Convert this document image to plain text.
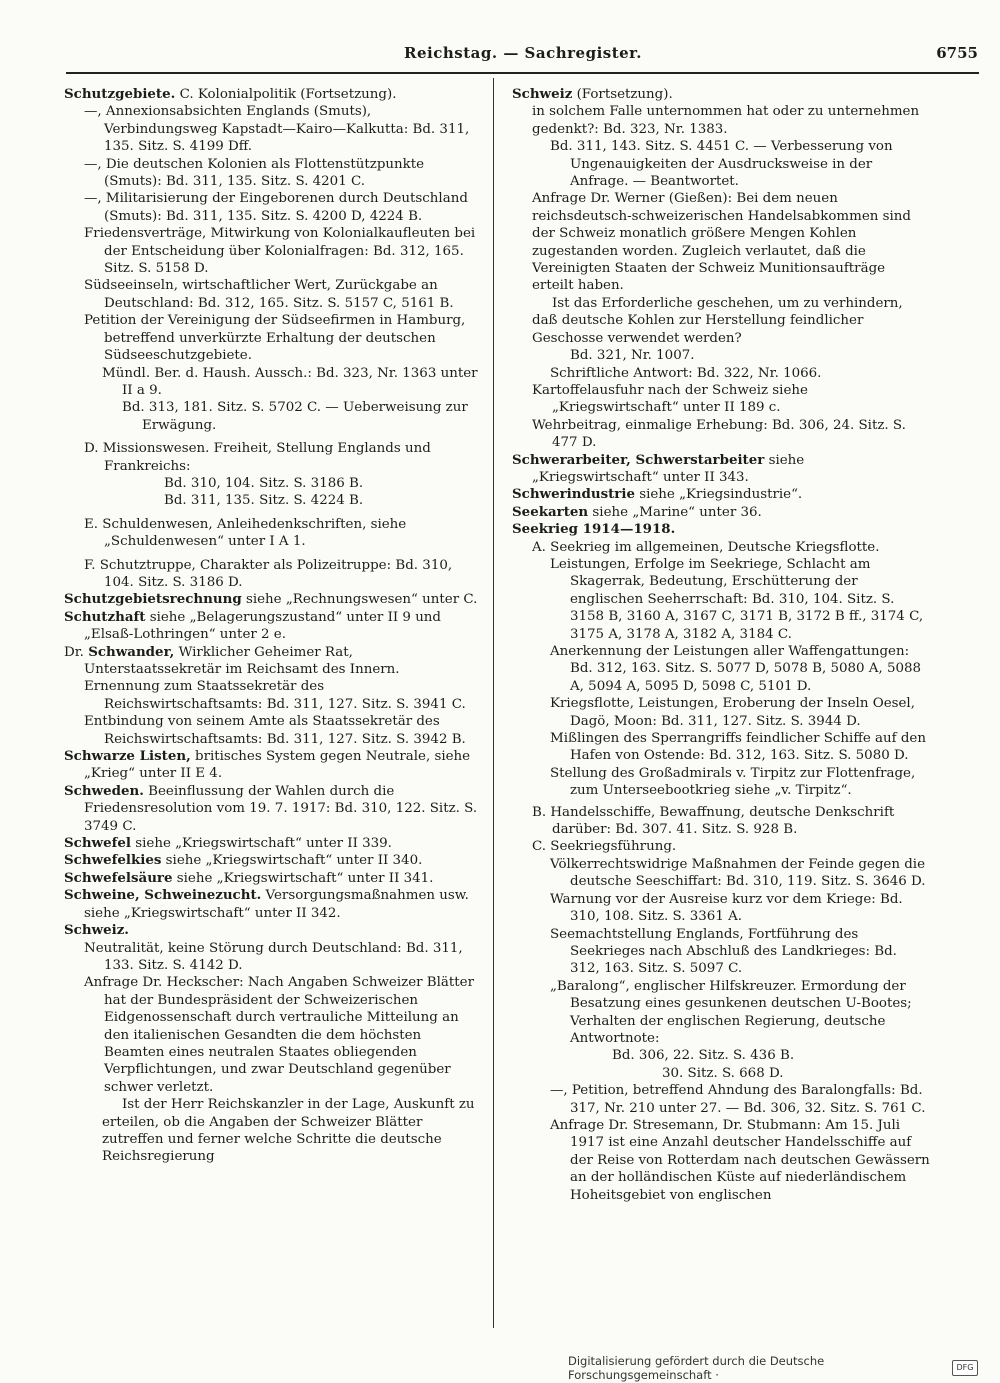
Reichstag. — Sachregister.	6755

Schutzgebiete. C. Kolonialpolitik (Fortsetzung).

—, Annexionsabsichten Englands (Smuts), Verbindungsweg Kapstadt—Kairo—Kalkutta: Bd. 311, 135. Sitz. S. 4199 Dff.

—, Die deutschen Kolonien als Flottenstützpunkte (Smuts): Bd. 311, 135. Sitz. S. 4201 C.

—, Militarisierung der Eingeborenen durch Deutschland (Smuts): Bd. 311, 135. Sitz. S. 4200 D, 4224 B.

Friedensverträge, Mitwirkung von Kolonialkaufleuten bei der Entscheidung über Kolonialfragen: Bd. 312, 165. Sitz. S. 5158 D.

Südseeinseln, wirtschaftlicher Wert, Zurückgabe an Deutschland: Bd. 312, 165. Sitz. S. 5157 C, 5161 B.

Petition der Vereinigung der Südseefirmen in Hamburg, betreffend unverkürzte Erhaltung der deutschen Südseeschutzgebiete.

Mündl. Ber. d. Haush. Aussch.: Bd. 323, Nr. 1363 unter II a 9.

Bd. 313, 181. Sitz. S. 5702 C. — Ueberweisung zur Erwägung.

D. Missionswesen. Freiheit, Stellung Englands und Frankreichs:

Bd. 310, 104. Sitz. S. 3186 B.

Bd. 311, 135. Sitz. S. 4224 B.

E. Schuldenwesen, Anleihedenkschriften, siehe „Schuldenwesen“ unter I A 1.

F. Schutztruppe, Charakter als Polizeitruppe: Bd. 310, 104. Sitz. S. 3186 D.

Schutzgebietsrechnung siehe „Rechnungswesen“ unter C.

Schutzhaft siehe „Belagerungszustand“ unter II 9 und „Elsaß-Lothringen“ unter 2 e.

Dr. Schwander, Wirklicher Geheimer Rat, Unterstaatssekretär im Reichsamt des Innern.

Ernennung zum Staatssekretär des Reichswirtschaftsamts: Bd. 311, 127. Sitz. S. 3941 C.

Entbindung von seinem Amte als Staatssekretär des Reichswirtschaftsamts: Bd. 311, 127. Sitz. S. 3942 B.

Schwarze Listen, britisches System gegen Neutrale, siehe „Krieg“ unter II E 4.

Schweden. Beeinflussung der Wahlen durch die Friedensresolution vom 19. 7. 1917: Bd. 310, 122. Sitz. S. 3749 C.

Schwefel siehe „Kriegswirtschaft“ unter II 339.

Schwefelkies siehe „Kriegswirtschaft“ unter II 340.

Schwefelsäure siehe „Kriegswirtschaft“ unter II 341.

Schweine, Schweinezucht. Versorgungsmaßnahmen usw. siehe „Kriegswirtschaft“ unter II 342.

Schweiz.

Neutralität, keine Störung durch Deutschland: Bd. 311, 133. Sitz. S. 4142 D.

Anfrage Dr. Heckscher: Nach Angaben Schweizer Blätter hat der Bundespräsident der Schweizerischen Eidgenossenschaft durch vertrauliche Mitteilung an den italienischen Gesandten die dem höchsten Beamten eines neutralen Staates obliegenden Verpflichtungen, und zwar Deutschland gegenüber schwer verletzt.

Ist der Herr Reichskanzler in der Lage, Auskunft zu erteilen, ob die Angaben der Schweizer Blätter zutreffen und ferner welche Schritte die deutsche Reichsregierung

Schweiz (Fortsetzung).

in solchem Falle unternommen hat oder zu unternehmen gedenkt?: Bd. 323, Nr. 1383.

Bd. 311, 143. Sitz. S. 4451 C. — Verbesserung von Ungenauigkeiten der Ausdrucksweise in der Anfrage. — Beantwortet.

Anfrage Dr. Werner (Gießen): Bei dem neuen reichsdeutsch-schweizerischen Handelsabkommen sind der Schweiz monatlich größere Mengen Kohlen zugestanden worden. Zugleich verlautet, daß die Vereinigten Staaten der Schweiz Munitionsaufträge erteilt haben.

Ist das Erforderliche geschehen, um zu verhindern, daß deutsche Kohlen zur Herstellung feindlicher Geschosse verwendet werden?

Bd. 321, Nr. 1007.

Schriftliche Antwort: Bd. 322, Nr. 1066.

Kartoffelausfuhr nach der Schweiz siehe „Kriegswirtschaft“ unter II 189 c.

Wehrbeitrag, einmalige Erhebung: Bd. 306, 24. Sitz. S. 477 D.

Schwerarbeiter, Schwerstarbeiter siehe „Kriegswirtschaft“ unter II 343.

Schwerindustrie siehe „Kriegsindustrie“.

Seekarten siehe „Marine“ unter 36.

Seekrieg 1914—1918.

A. Seekrieg im allgemeinen, Deutsche Kriegsflotte.

Leistungen, Erfolge im Seekriege, Schlacht am Skagerrak, Bedeutung, Erschütterung der englischen Seeherrschaft: Bd. 310, 104. Sitz. S. 3158 B, 3160 A, 3167 C, 3171 B, 3172 B ff., 3174 C, 3175 A, 3178 A, 3182 A, 3184 C.

Anerkennung der Leistungen aller Waffengattungen: Bd. 312, 163. Sitz. S. 5077 D, 5078 B, 5080 A, 5088 A, 5094 A, 5095 D, 5098 C, 5101 D.

Kriegsflotte, Leistungen, Eroberung der Inseln Oesel, Dagö, Moon: Bd. 311, 127. Sitz. S. 3944 D.

Mißlingen des Sperrangriffs feindlicher Schiffe auf den Hafen von Ostende: Bd. 312, 163. Sitz. S. 5080 D.

Stellung des Großadmirals v. Tirpitz zur Flottenfrage, zum Unterseebootkrieg siehe „v. Tirpitz“.

B. Handelsschiffe, Bewaffnung, deutsche Denkschrift darüber: Bd. 307. 41. Sitz. S. 928 B.

C. Seekriegsführung.

Völkerrechtswidrige Maßnahmen der Feinde gegen die deutsche Seeschiffart: Bd. 310, 119. Sitz. S. 3646 D.

Warnung vor der Ausreise kurz vor dem Kriege: Bd. 310, 108. Sitz. S. 3361 A.

Seemachtstellung Englands, Fortführung des Seekrieges nach Abschluß des Landkrieges: Bd. 312, 163. Sitz. S. 5097 C.

„Baralong“, englischer Hilfskreuzer. Ermordung der Besatzung eines gesunkenen deutschen U-Bootes; Verhalten der englischen Regierung, deutsche Antwortnote:

Bd. 306, 22. Sitz. S. 436 B.

30. Sitz. S. 668 D.

—, Petition, betreffend Ahndung des Baralongfalls: Bd. 317, Nr. 210 unter 27. — Bd. 306, 32. Sitz. S. 761 C.

Anfrage Dr. Stresemann, Dr. Stubmann: Am 15. Juli 1917 ist eine Anzahl deutscher Handelsschiffe auf der Reise von Rotterdam nach deutschen Gewässern an der holländischen Küste auf niederländischem Hoheitsgebiet von englischen

Digitalisierung gefördert durch die Deutsche Forschungsgemeinschaft ·
DFG
